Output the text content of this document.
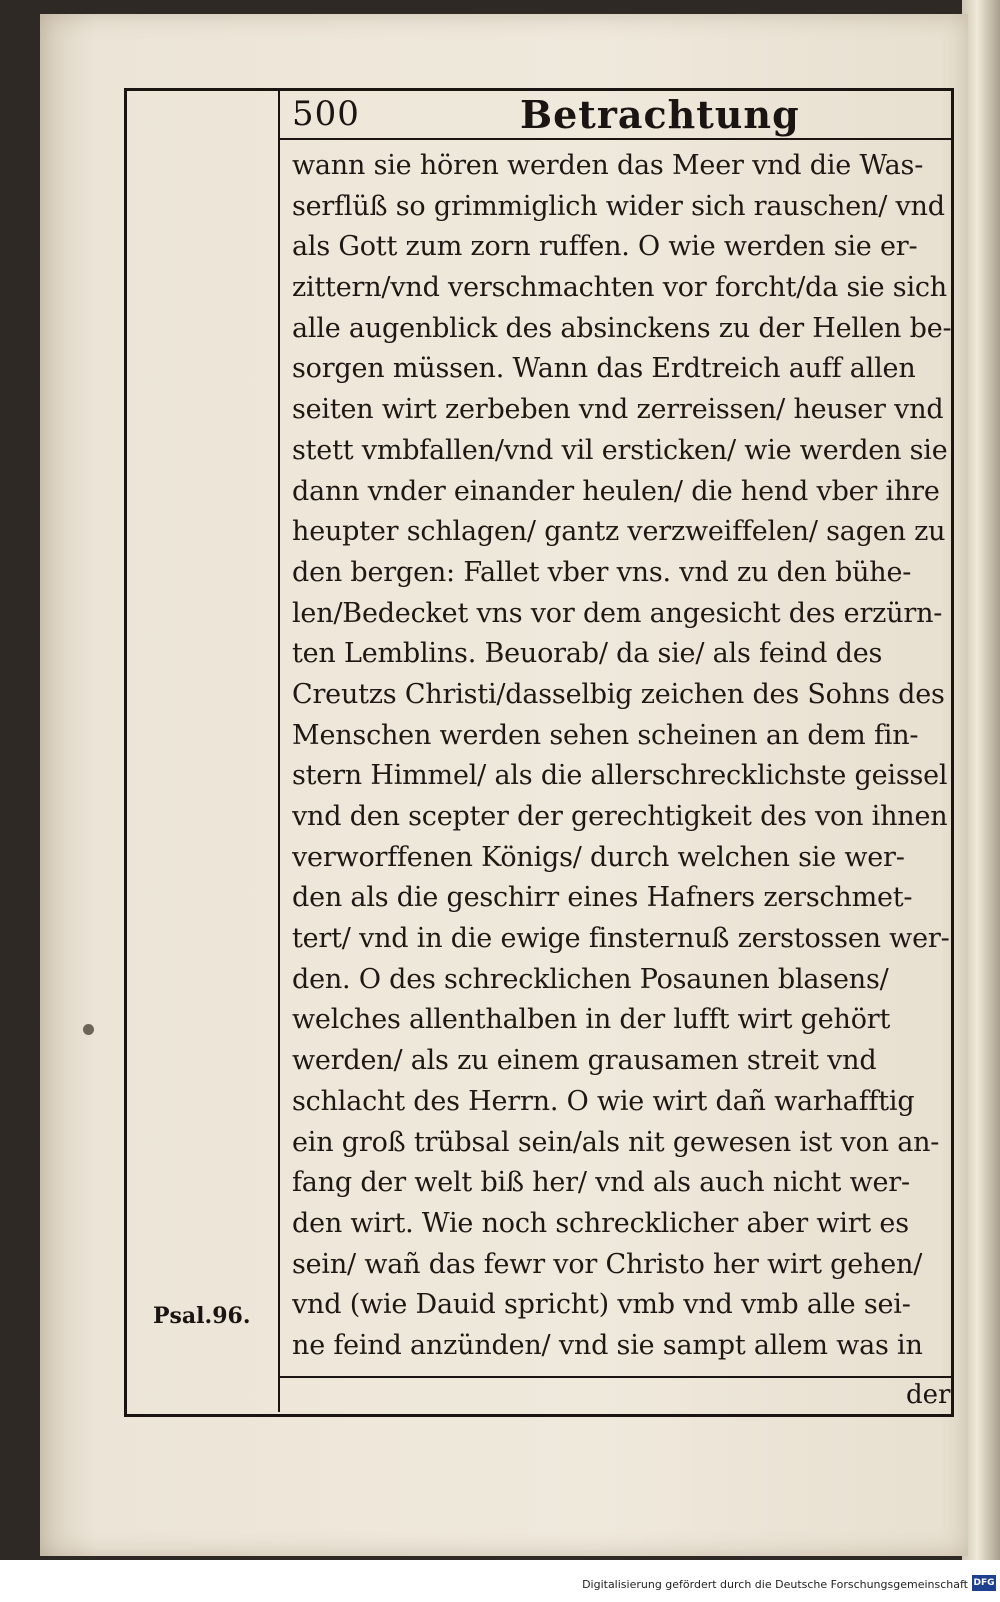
500	Betrachtung
wann sie hören werden das Meer vnd die Was-
serflüß so grimmiglich wider sich rauschen/ vnd
als Gott zum zorn ruffen. O wie werden sie er-
zittern/vnd verschmachten vor forcht/da sie sich
alle augenblick des absinckens zu der Hellen be-
sorgen müssen. Wann das Erdtreich auff allen
seiten wirt zerbeben vnd zerreissen/ heuser vnd
stett vmbfallen/vnd vil ersticken/ wie werden sie
dann vnder einander heulen/ die hend vber ihre
heupter schlagen/ gantz verzweiffelen/ sagen zu
den bergen: Fallet vber vns. vnd zu den bühe-
len/Bedecket vns vor dem angesicht des erzürn-
ten Lemblins. Beuorab/ da sie/ als feind des
Creutzs Christi/dasselbig zeichen des Sohns des
Menschen werden sehen scheinen an dem fin-
stern Himmel/ als die allerschrecklichste geissel
vnd den scepter der gerechtigkeit des von ihnen
verworffenen Königs/ durch welchen sie wer-
den als die geschirr eines Hafners zerschmet-
tert/ vnd in die ewige finsternuß zerstossen wer-
den. O des schrecklichen Posaunen blasens/
welches allenthalben in der lufft wirt gehört
werden/ als zu einem grausamen streit vnd
schlacht des Herrn. O wie wirt dañ warhafftig
ein groß trübsal sein/als nit gewesen ist von an-
fang der welt biß her/ vnd als auch nicht wer-
den wirt. Wie noch schrecklicher aber wirt es
sein/ wañ das fewr vor Christo her wirt gehen/
vnd (wie Dauid spricht) vmb vnd vmb alle sei-
ne feind anzünden/ vnd sie sampt allem was in
Psal.96.
der
Digitalisierung gefördert durch die Deutsche Forschungsgemeinschaft DFG
